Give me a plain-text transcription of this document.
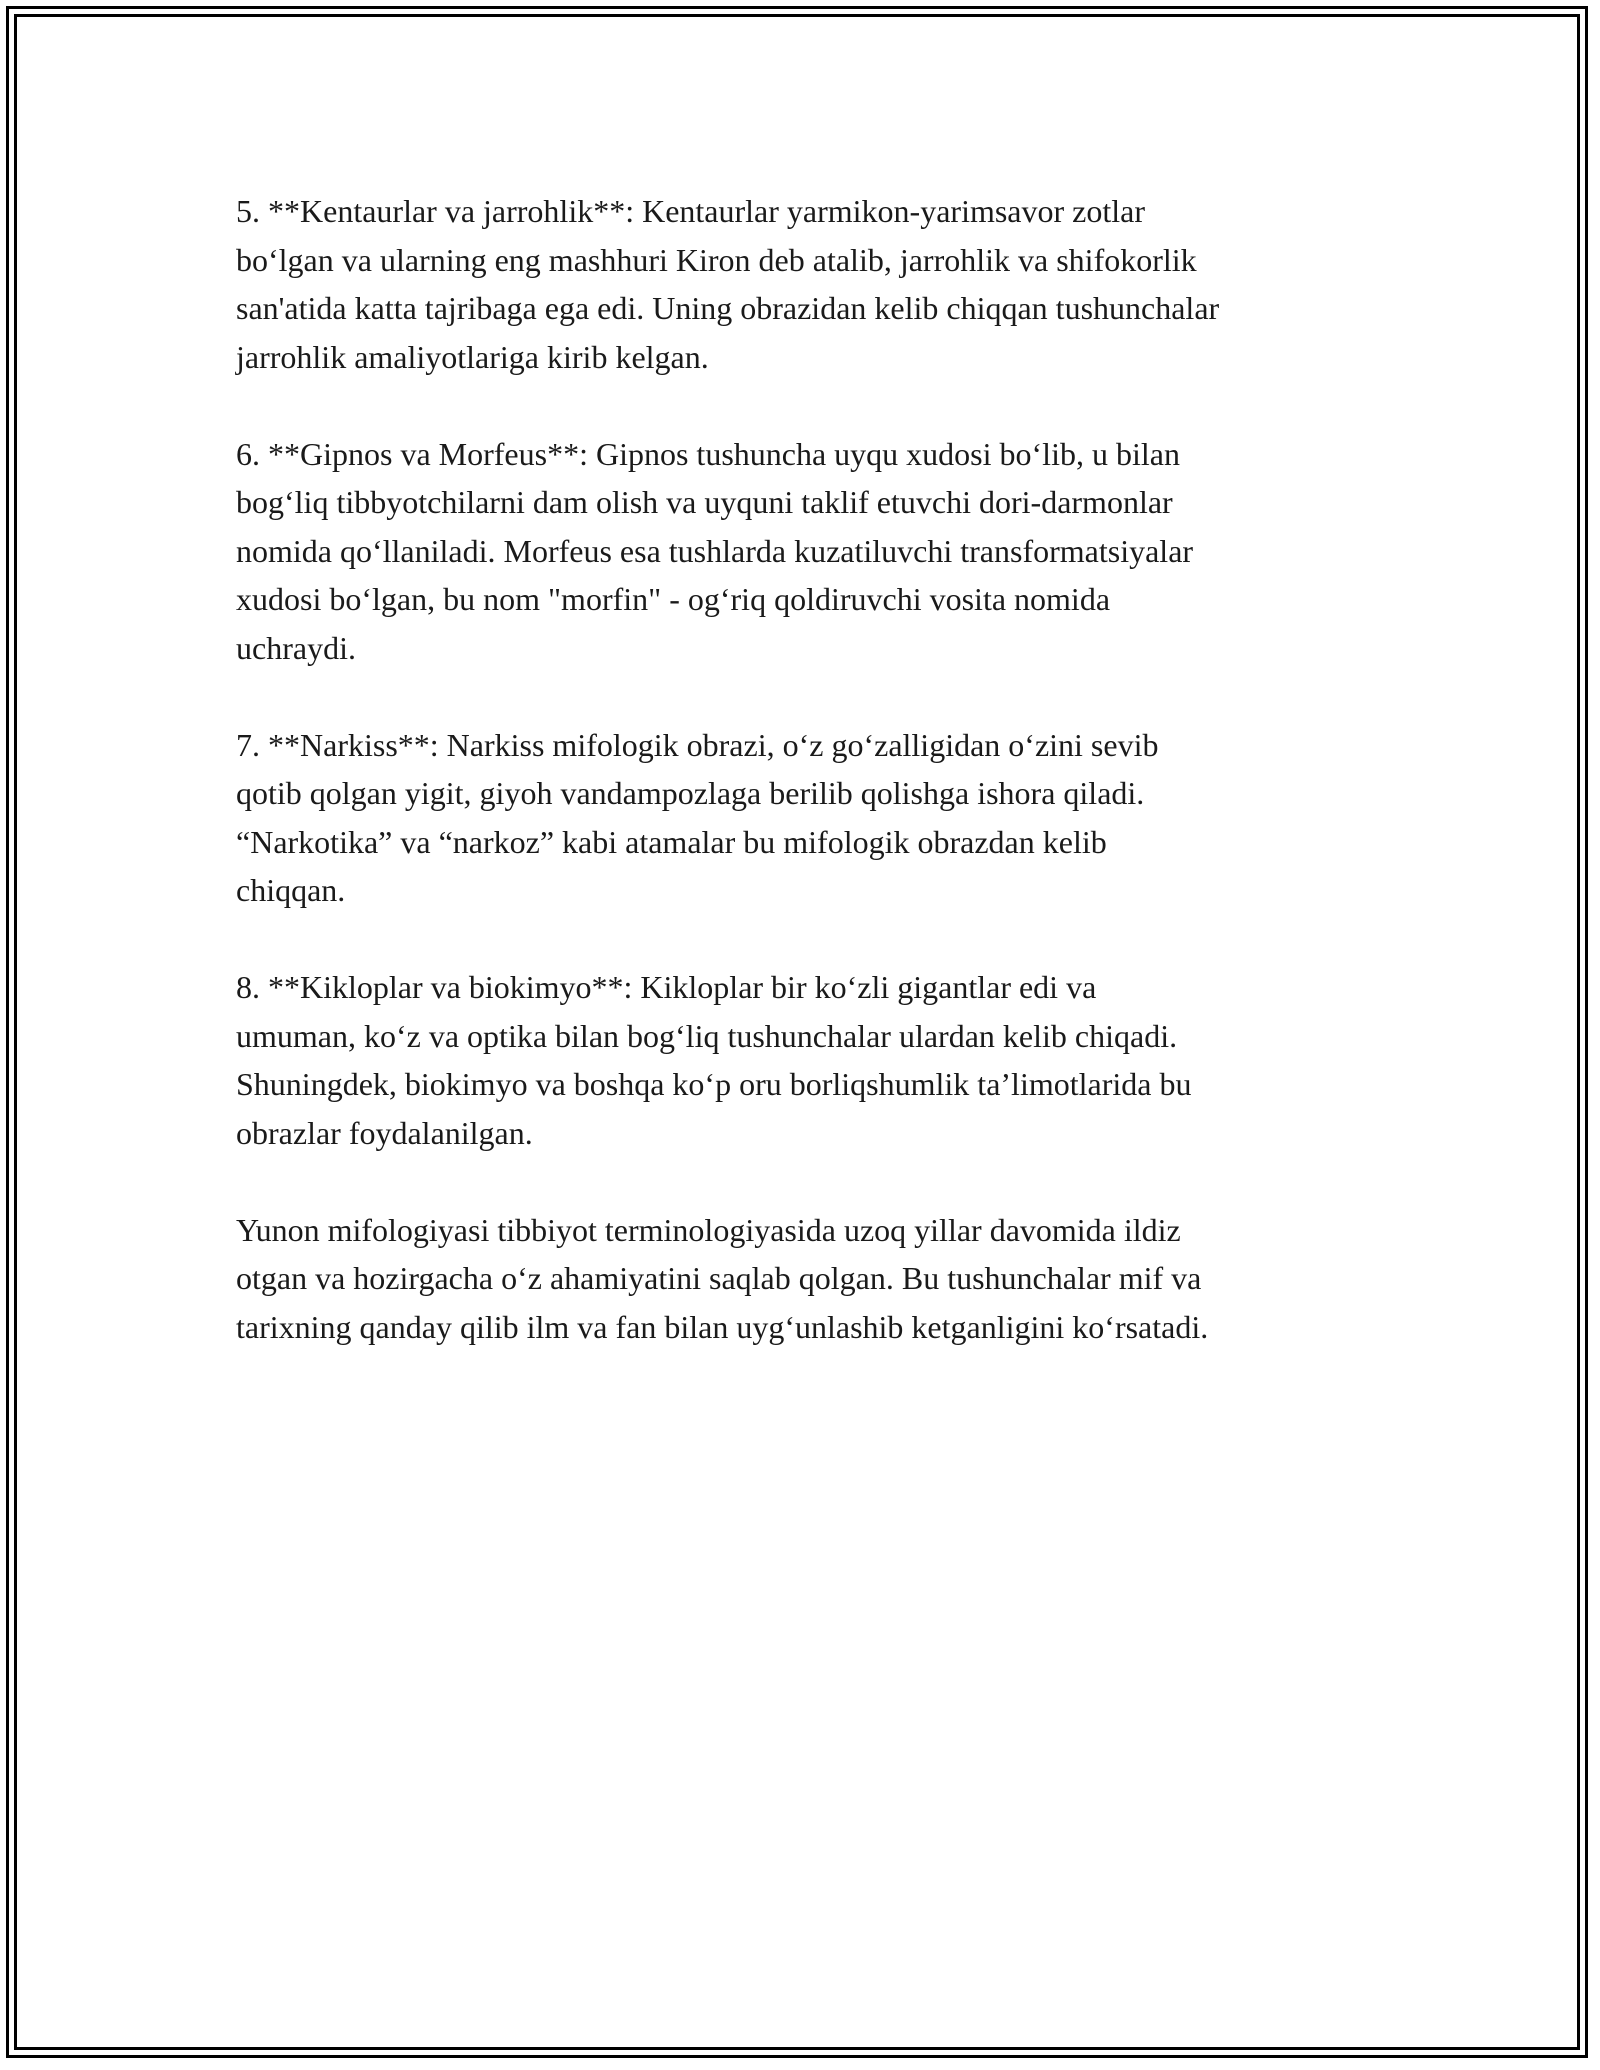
5. **Kentaurlar va jarrohlik**: Kentaurlar yarmikon-yarimsavor zotlar
bo‘lgan va ularning eng mashhuri Kiron deb atalib, jarrohlik va shifokorlik
san'atida katta tajribaga ega edi. Uning obrazidan kelib chiqqan tushunchalar
jarrohlik amaliyotlariga kirib kelgan.

6. **Gipnos va Morfeus**: Gipnos tushuncha uyqu xudosi bo‘lib, u bilan
bog‘liq tibbyotchilarni dam olish va uyquni taklif etuvchi dori-darmonlar
nomida qo‘llaniladi. Morfeus esa tushlarda kuzatiluvchi transformatsiyalar
xudosi bo‘lgan, bu nom "morfin" - og‘riq qoldiruvchi vosita nomida
uchraydi.

7. **Narkiss**: Narkiss mifologik obrazi, o‘z go‘zalligidan o‘zini sevib
qotib qolgan yigit, giyoh vandampozlaga berilib qolishga ishora qiladi.
“Narkotika” va “narkoz” kabi atamalar bu mifologik obrazdan kelib
chiqqan.

8. **Kikloplar va biokimyo**: Kikloplar bir ko‘zli gigantlar edi va
umuman, ko‘z va optika bilan bog‘liq tushunchalar ulardan kelib chiqadi.
Shuningdek, biokimyo va boshqa ko‘p oru borliqshumlik ta’limotlarida bu
obrazlar foydalanilgan.

Yunon mifologiyasi tibbiyot terminologiyasida uzoq yillar davomida ildiz
otgan va hozirgacha o‘z ahamiyatini saqlab qolgan. Bu tushunchalar mif va
tarixning qanday qilib ilm va fan bilan uyg‘unlashib ketganligini ko‘rsatadi.
